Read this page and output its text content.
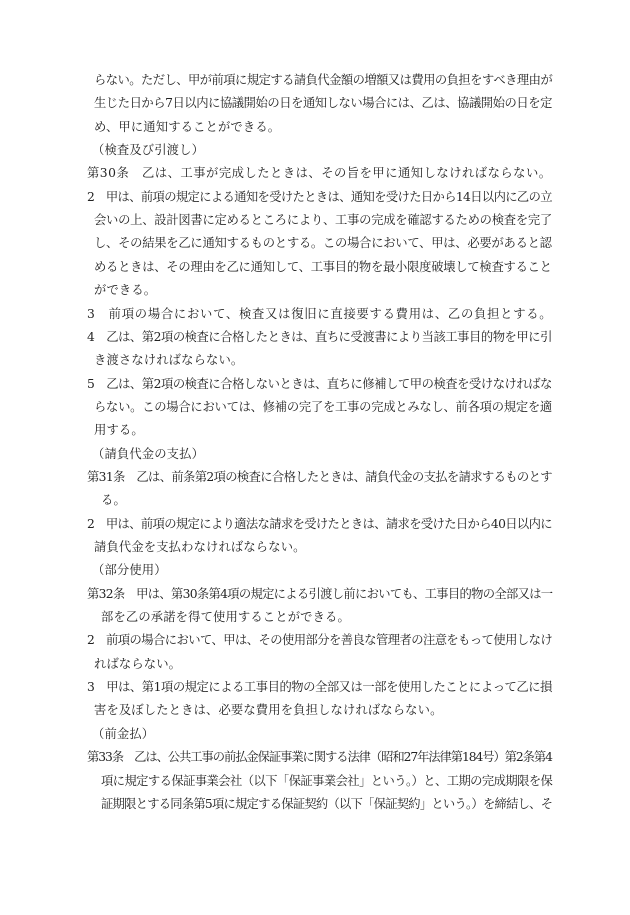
らない。ただし、甲が前項に規定する請負代金額の増額又は費用の負担をすべき理由が
生じた日から7日以内に協議開始の日を通知しない場合には、乙は、協議開始の日を定
め、甲に通知することができる。
（検査及び引渡し）
第30条　乙は、工事が完成したときは、その旨を甲に通知しなければならない。
2　甲は、前項の規定による通知を受けたときは、通知を受けた日から14日以内に乙の立
会いの上、設計図書に定めるところにより、工事の完成を確認するための検査を完了
し、その結果を乙に通知するものとする。この場合において、甲は、必要があると認
めるときは、その理由を乙に通知して、工事目的物を最小限度破壊して検査すること
ができる。
3　前項の場合において、検査又は復旧に直接要する費用は、乙の負担とする。
4　乙は、第2項の検査に合格したときは、直ちに受渡書により当該工事目的物を甲に引
き渡さなければならない。
5　乙は、第2項の検査に合格しないときは、直ちに修補して甲の検査を受けなければな
らない。この場合においては、修補の完了を工事の完成とみなし、前各項の規定を適
用する。
（請負代金の支払）
第31条　乙は、前条第2項の検査に合格したときは、請負代金の支払を請求するものとす
る。
2　甲は、前項の規定により適法な請求を受けたときは、請求を受けた日から40日以内に
請負代金を支払わなければならない。
（部分使用）
第32条　甲は、第30条第4項の規定による引渡し前においても、工事目的物の全部又は一
部を乙の承諾を得て使用することができる。
2　前項の場合において、甲は、その使用部分を善良な管理者の注意をもって使用しなけ
ればならない。
3　甲は、第1項の規定による工事目的物の全部又は一部を使用したことによって乙に損
害を及ぼしたときは、必要な費用を負担しなければならない。
（前金払）
第33条　乙は、公共工事の前払金保証事業に関する法律（昭和27年法律第184号）第2条第4
項に規定する保証事業会社（以下「保証事業会社」という。）と、工期の完成期限を保
証期限とする同条第5項に規定する保証契約（以下「保証契約」という。）を締結し、そ
